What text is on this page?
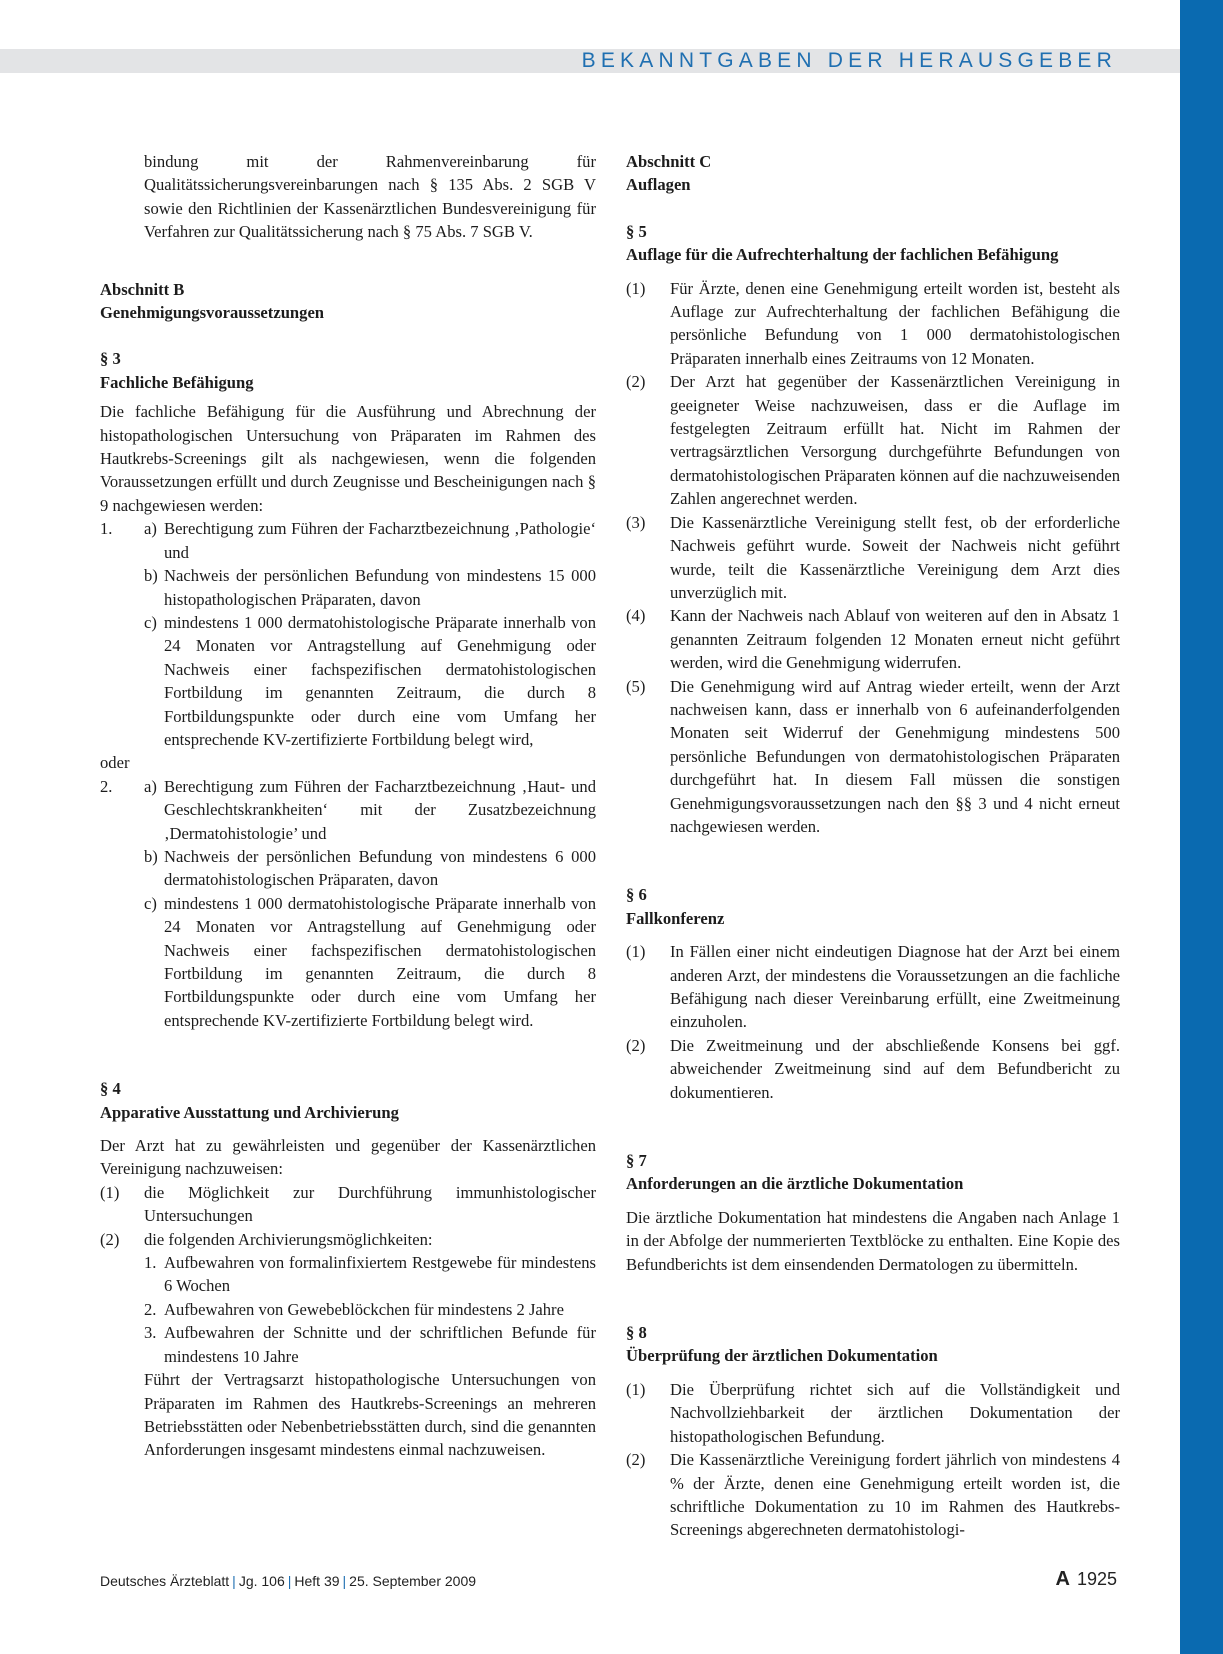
BEKANNTGABEN DER HERAUSGEBER

bindung mit der Rahmenvereinbarung für Qualitätssicherungsvereinbarungen nach § 135 Abs. 2 SGB V sowie den Richtlinien der Kassenärztlichen Bundesvereinigung für Verfahren zur Qualitätssicherung nach § 75 Abs. 7 SGB V.

Abschnitt B

Genehmigungsvoraussetzungen

§ 3

Fachliche Befähigung

Die fachliche Befähigung für die Ausführung und Abrechnung der histopathologischen Untersuchung von Präparaten im Rahmen des Hautkrebs-Screenings gilt als nachgewiesen, wenn die folgenden Voraussetzungen erfüllt und durch Zeugnisse und Bescheinigungen nach § 9 nachgewiesen werden:

1.	a) Berechtigung zum Führen der Facharztbezeichnung ‚Pathologie‘ und
b) Nachweis der persönlichen Befundung von mindestens 15 000 histopathologischen Präparaten, davon
c) mindestens 1 000 dermatohistologische Präparate innerhalb von 24 Monaten vor Antragstellung auf Genehmigung oder Nachweis einer fachspezifischen dermatohistologischen Fortbildung im genannten Zeitraum, die durch 8 Fortbildungspunkte oder durch eine vom Umfang her entsprechende KV-zertifizierte Fortbildung belegt wird,

oder

2.	a) Berechtigung zum Führen der Facharztbezeichnung ‚Haut- und Geschlechtskrankheiten‘ mit der Zusatzbezeichnung ‚Dermatohistologie’ und
b) Nachweis der persönlichen Befundung von mindestens 6 000 dermatohistologischen Präparaten, davon
c) mindestens 1 000 dermatohistologische Präparate innerhalb von 24 Monaten vor Antragstellung auf Genehmigung oder Nachweis einer fachspezifischen dermatohistologischen Fortbildung im genannten Zeitraum, die durch 8 Fortbildungspunkte oder durch eine vom Umfang her entsprechende KV-zertifizierte Fortbildung belegt wird.

§ 4

Apparative Ausstattung und Archivierung

Der Arzt hat zu gewährleisten und gegenüber der Kassenärztlichen Vereinigung nachzuweisen:

(1)	die Möglichkeit zur Durchführung immunhistologischer Untersuchungen
(2)	die folgenden Archivierungsmöglichkeiten:
1. Aufbewahren von formalinfixiertem Restgewebe für mindestens 6 Wochen
2. Aufbewahren von Gewebeblöckchen für mindestens 2 Jahre
3. Aufbewahren der Schnitte und der schriftlichen Befunde für mindestens 10 Jahre

Führt der Vertragsarzt histopathologische Untersuchungen von Präparaten im Rahmen des Hautkrebs-Screenings an mehreren Betriebsstätten oder Nebenbetriebsstätten durch, sind die genannten Anforderungen insgesamt mindestens einmal nachzuweisen.

Abschnitt C

Auflagen

§ 5

Auflage für die Aufrechterhaltung der fachlichen Befähigung

(1)	Für Ärzte, denen eine Genehmigung erteilt worden ist, besteht als Auflage zur Aufrechterhaltung der fachlichen Befähigung die persönliche Befundung von 1 000 dermatohistologischen Präparaten innerhalb eines Zeitraums von 12 Monaten.
(2)	Der Arzt hat gegenüber der Kassenärztlichen Vereinigung in geeigneter Weise nachzuweisen, dass er die Auflage im festgelegten Zeitraum erfüllt hat. Nicht im Rahmen der vertragsärztlichen Versorgung durchgeführte Befundungen von dermatohistologischen Präparaten können auf die nachzuweisenden Zahlen angerechnet werden.
(3)	Die Kassenärztliche Vereinigung stellt fest, ob der erforderliche Nachweis geführt wurde. Soweit der Nachweis nicht geführt wurde, teilt die Kassenärztliche Vereinigung dem Arzt dies unverzüglich mit.
(4)	Kann der Nachweis nach Ablauf von weiteren auf den in Absatz 1 genannten Zeitraum folgenden 12 Monaten erneut nicht geführt werden, wird die Genehmigung widerrufen.
(5)	Die Genehmigung wird auf Antrag wieder erteilt, wenn der Arzt nachweisen kann, dass er innerhalb von 6 aufeinanderfolgenden Monaten seit Widerruf der Genehmigung mindestens 500 persönliche Befundungen von dermatohistologischen Präparaten durchgeführt hat. In diesem Fall müssen die sonstigen Genehmigungsvoraussetzungen nach den §§ 3 und 4 nicht erneut nachgewiesen werden.

§ 6

Fallkonferenz

(1)	In Fällen einer nicht eindeutigen Diagnose hat der Arzt bei einem anderen Arzt, der mindestens die Voraussetzungen an die fachliche Befähigung nach dieser Vereinbarung erfüllt, eine Zweitmeinung einzuholen.
(2)	Die Zweitmeinung und der abschließende Konsens bei ggf. abweichender Zweitmeinung sind auf dem Befundbericht zu dokumentieren.

§ 7

Anforderungen an die ärztliche Dokumentation

Die ärztliche Dokumentation hat mindestens die Angaben nach Anlage 1 in der Abfolge der nummerierten Textblöcke zu enthalten. Eine Kopie des Befundberichts ist dem einsendenden Dermatologen zu übermitteln.

§ 8

Überprüfung der ärztlichen Dokumentation

(1)	Die Überprüfung richtet sich auf die Vollständigkeit und Nachvollziehbarkeit der ärztlichen Dokumentation der histopathologischen Befundung.
(2)	Die Kassenärztliche Vereinigung fordert jährlich von mindestens 4 % der Ärzte, denen eine Genehmigung erteilt worden ist, die schriftliche Dokumentation zu 10 im Rahmen des Hautkrebs-Screenings abgerechneten dermatohistologi-
Deutsches Ärzteblatt | Jg. 106 | Heft 39 | 25. September 2009	A 1925
